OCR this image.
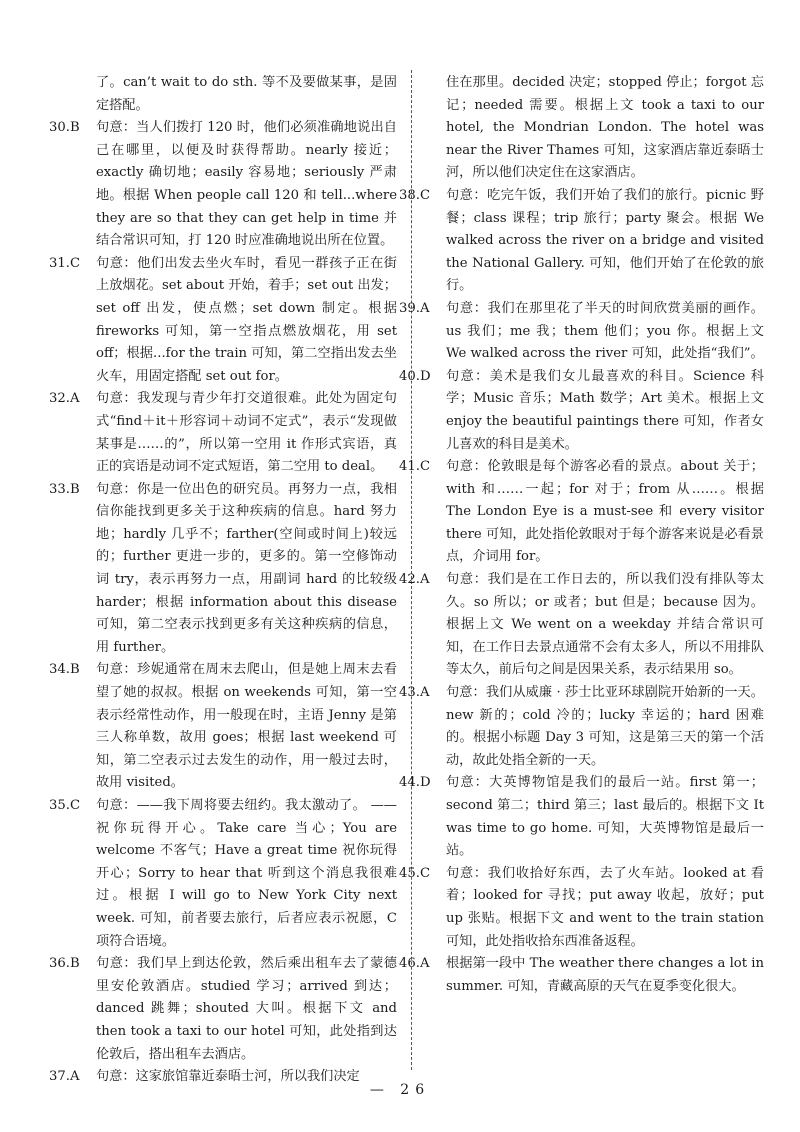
了。can’t wait to do sth. 等不及要做某事，是固定搭配。

30.B 句意：当人们拨打 120 时，他们必须准确地说出自己在哪里，以便及时获得帮助。nearly 接近；exactly 确切地；easily 容易地；seriously 严肃地。根据 When people call 120 和 tell...where they are so that they can get help in time 并结合常识可知，打 120 时应准确地说出所在位置。

31.C 句意：他们出发去坐火车时，看见一群孩子正在街上放烟花。set about 开始，着手；set out 出发；set off 出发，使点燃；set down 制定。根据 fireworks 可知，第一空指点燃放烟花，用 set off；根据...for the train 可知，第二空指出发去坐火车，用固定搭配 set out for。

32.A 句意：我发现与青少年打交道很难。此处为固定句式“find＋it＋形容词＋动词不定式”，表示“发现做某事是……的”，所以第一空用 it 作形式宾语，真正的宾语是动词不定式短语，第二空用 to deal。

33.B 句意：你是一位出色的研究员。再努力一点，我相信你能找到更多关于这种疾病的信息。hard 努力地；hardly 几乎不；farther(空间或时间上)较远的；further 更进一步的，更多的。第一空修饰动词 try，表示再努力一点，用副词 hard 的比较级 harder；根据 information about this disease 可知，第二空表示找到更多有关这种疾病的信息，用 further。

34.B 句意：珍妮通常在周末去爬山，但是她上周末去看望了她的叔叔。根据 on weekends 可知，第一空表示经常性动作，用一般现在时，主语 Jenny 是第三人称单数，故用 goes；根据 last weekend 可知，第二空表示过去发生的动作，用一般过去时，故用 visited。

35.C 句意：——我下周将要去纽约。我太激动了。 ——祝你玩得开心。Take care 当心；You are welcome 不客气；Have a great time 祝你玩得开心；Sorry to hear that 听到这个消息我很难过。根据 I will go to New York City next week. 可知，前者要去旅行，后者应表示祝愿，C 项符合语境。

36.B 句意：我们早上到达伦敦，然后乘出租车去了蒙德里安伦敦酒店。studied 学习；arrived 到达；danced 跳舞；shouted 大叫。根据下文 and then took a taxi to our hotel 可知，此处指到达伦敦后，搭出租车去酒店。

37.A 句意：这家旅馆靠近泰晤士河，所以我们决定

住在那里。decided 决定；stopped 停止；forgot 忘记；needed 需要。根据上文 took a taxi to our hotel, the Mondrian London. The hotel was near the River Thames 可知，这家酒店靠近泰晤士河，所以他们决定住在这家酒店。

38.C 句意：吃完午饭，我们开始了我们的旅行。picnic 野餐；class 课程；trip 旅行；party 聚会。根据 We walked across the river on a bridge and visited the National Gallery. 可知，他们开始了在伦敦的旅行。

39.A 句意：我们在那里花了半天的时间欣赏美丽的画作。us 我们；me 我；them 他们；you 你。根据上文 We walked across the river 可知，此处指“我们”。

40.D 句意：美术是我们女儿最喜欢的科目。Science 科学；Music 音乐；Math 数学；Art 美术。根据上文 enjoy the beautiful paintings there 可知，作者女儿喜欢的科目是美术。

41.C 句意：伦敦眼是每个游客必看的景点。about 关于；with 和……一起；for 对于；from 从……。根据 The London Eye is a must-see 和 every visitor there 可知，此处指伦敦眼对于每个游客来说是必看景点，介词用 for。

42.A 句意：我们是在工作日去的，所以我们没有排队等太久。so 所以；or 或者；but 但是；because 因为。根据上文 We went on a weekday 并结合常识可知，在工作日去景点通常不会有太多人，所以不用排队等太久，前后句之间是因果关系，表示结果用 so。

43.A 句意：我们从威廉 · 莎士比亚环球剧院开始新的一天。new 新的；cold 冷的；lucky 幸运的；hard 困难的。根据小标题 Day 3 可知，这是第三天的第一个活动，故此处指全新的一天。

44.D 句意：大英博物馆是我们的最后一站。first 第一；second 第二；third 第三；last 最后的。根据下文 It was time to go home. 可知，大英博物馆是最后一站。

45.C 句意：我们收拾好东西，去了火车站。looked at 看着；looked for 寻找；put away 收起，放好；put up 张贴。根据下文 and went to the train station 可知，此处指收拾东西准备返程。

46.A 根据第一段中 The weather there changes a lot in summer. 可知，青藏高原的天气在夏季变化很大。

— 26
